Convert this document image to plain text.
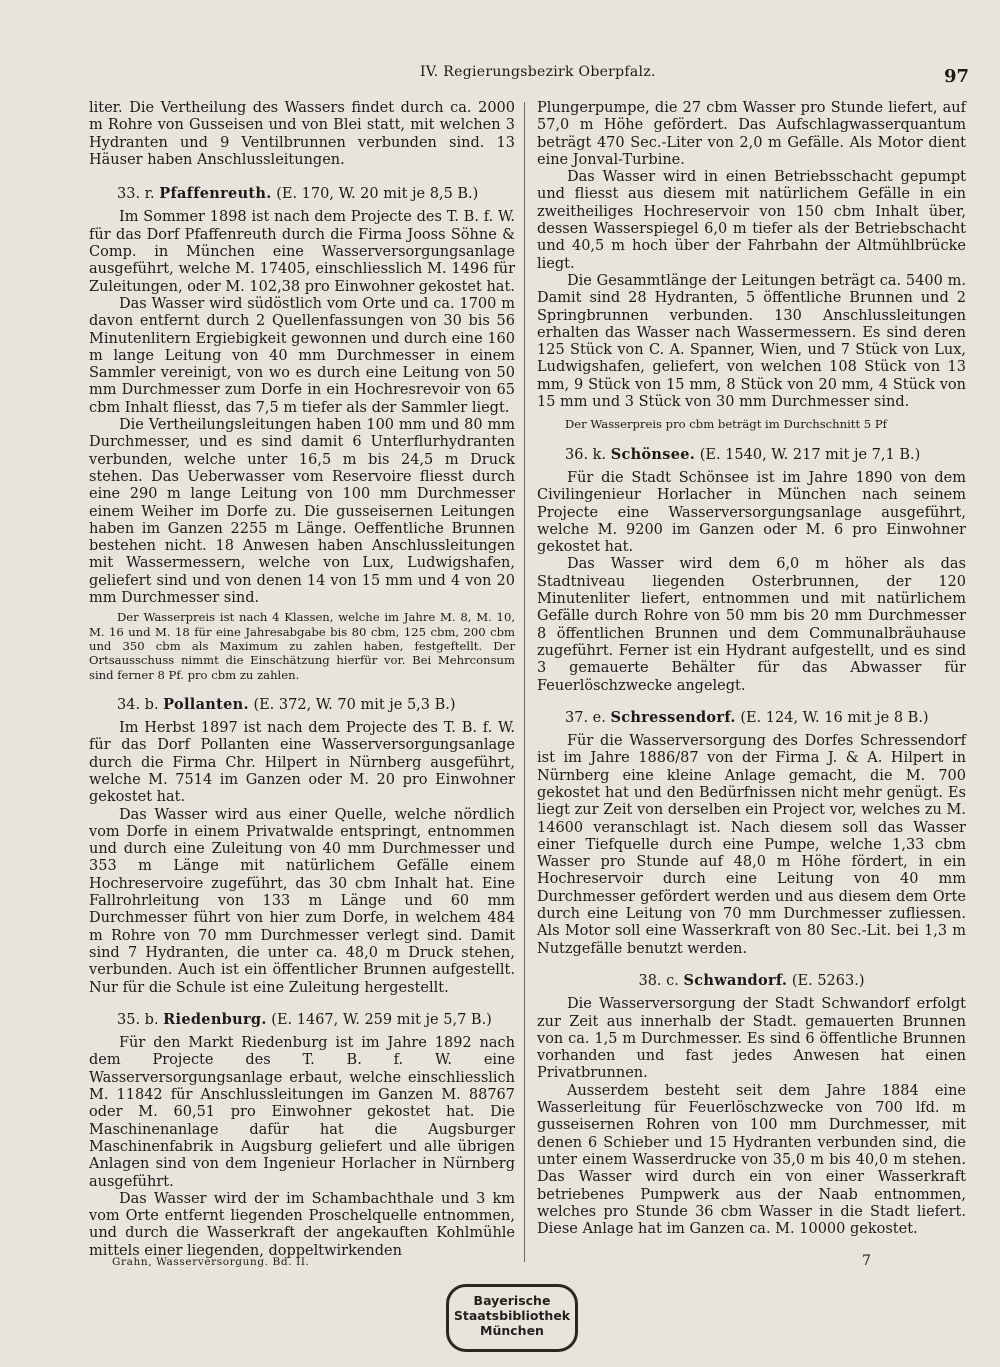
IV. Regierungsbezirk Oberpfalz.	97

liter. Die Vertheilung des Wassers findet durch ca. 2000 m Rohre von Gusseisen und von Blei statt, mit welchen 3 Hydranten und 9 Ventilbrunnen verbunden sind. 13 Häuser haben Anschlussleitungen.

33. r. Pfaffenreuth. (E. 170, W. 20 mit je 8,5 B.)

Im Sommer 1898 ist nach dem Projecte des T. B. f. W. für das Dorf Pfaffenreuth durch die Firma Jooss Söhne & Comp. in München eine Wasserversorgungsanlage ausgeführt, welche M. 17405, einschliesslich M. 1496 für Zuleitungen, oder M. 102,38 pro Einwohner gekostet hat.

Das Wasser wird südöstlich vom Orte und ca. 1700 m davon entfernt durch 2 Quellenfassungen von 30 bis 56 Minutenlitern Ergiebigkeit gewonnen und durch eine 160 m lange Leitung von 40 mm Durchmesser in einem Sammler vereinigt, von wo es durch eine Leitung von 50 mm Durchmesser zum Dorfe in ein Hochresrevoir von 65 cbm Inhalt fliesst, das 7,5 m tiefer als der Sammler liegt.

Die Vertheilungsleitungen haben 100 mm und 80 mm Durchmesser, und es sind damit 6 Unterflurhydranten verbunden, welche unter 16,5 m bis 24,5 m Druck stehen. Das Ueberwasser vom Reservoire fliesst durch eine 290 m lange Leitung von 100 mm Durchmesser einem Weiher im Dorfe zu. Die gusseisernen Leitungen haben im Ganzen 2255 m Länge. Oeffentliche Brunnen bestehen nicht. 18 Anwesen haben Anschlussleitungen mit Wassermessern, welche von Lux, Ludwigshafen, geliefert sind und von denen 14 von 15 mm und 4 von 20 mm Durchmesser sind.

Der Wasserpreis ist nach 4 Klassen, welche im Jahre M. 8, M. 10, M. 16 und M. 18 für eine Jahresabgabe bis 80 cbm, 125 cbm, 200 cbm und 350 cbm als Maximum zu zahlen haben, festgeftellt. Der Ortsausschuss nimmt die Einschätzung hierfür vor. Bei Mehrconsum sind ferner 8 Pf. pro cbm zu zahlen.

34. b. Pollanten. (E. 372, W. 70 mit je 5,3 B.)

Im Herbst 1897 ist nach dem Projecte des T. B. f. W. für das Dorf Pollanten eine Wasserversorgungsanlage durch die Firma Chr. Hilpert in Nürnberg ausgeführt, welche M. 7514 im Ganzen oder M. 20 pro Einwohner gekostet hat.

Das Wasser wird aus einer Quelle, welche nördlich vom Dorfe in einem Privatwalde entspringt, entnommen und durch eine Zuleitung von 40 mm Durchmesser und 353 m Länge mit natürlichem Gefälle einem Hochreservoire zugeführt, das 30 cbm Inhalt hat. Eine Fallrohrleitung von 133 m Länge und 60 mm Durchmesser führt von hier zum Dorfe, in welchem 484 m Rohre von 70 mm Durchmesser verlegt sind. Damit sind 7 Hydranten, die unter ca. 48,0 m Druck stehen, verbunden. Auch ist ein öffentlicher Brunnen aufgestellt. Nur für die Schule ist eine Zuleitung hergestellt.

35. b. Riedenburg. (E. 1467, W. 259 mit je 5,7 B.)

Für den Markt Riedenburg ist im Jahre 1892 nach dem Projecte des T. B. f. W. eine Wasserversorgungsanlage erbaut, welche einschliesslich M. 11842 für Anschlussleitungen im Ganzen M. 88767 oder M. 60,51 pro Einwohner gekostet hat. Die Maschinenanlage dafür hat die Augsburger Maschinenfabrik in Augsburg geliefert und alle übrigen Anlagen sind von dem Ingenieur Horlacher in Nürnberg ausgeführt.

Das Wasser wird der im Schambachthale und 3 km vom Orte entfernt liegenden Proschelquelle entnommen, und durch die Wasserkraft der angekauften Kohlmühle mittels einer liegenden, doppeltwirkenden

Plungerpumpe, die 27 cbm Wasser pro Stunde liefert, auf 57,0 m Höhe gefördert. Das Aufschlagwasserquantum beträgt 470 Sec.-Liter von 2,0 m Gefälle. Als Motor dient eine Jonval-Turbine.

Das Wasser wird in einen Betriebsschacht gepumpt und fliesst aus diesem mit natürlichem Gefälle in ein zweitheiliges Hochreservoir von 150 cbm Inhalt über, dessen Wasserspiegel 6,0 m tiefer als der Betriebschacht und 40,5 m hoch über der Fahrbahn der Altmühlbrücke liegt.

Die Gesammtlänge der Leitungen beträgt ca. 5400 m. Damit sind 28 Hydranten, 5 öffentliche Brunnen und 2 Springbrunnen verbunden. 130 Anschlussleitungen erhalten das Wasser nach Wassermessern. Es sind deren 125 Stück von C. A. Spanner, Wien, und 7 Stück von Lux, Ludwigshafen, geliefert, von welchen 108 Stück von 13 mm, 9 Stück von 15 mm, 8 Stück von 20 mm, 4 Stück von 15 mm und 3 Stück von 30 mm Durchmesser sind.

Der Wasserpreis pro cbm beträgt im Durchschnitt 5 Pf

36. k. Schönsee. (E. 1540, W. 217 mit je 7,1 B.)

Für die Stadt Schönsee ist im Jahre 1890 von dem Civilingenieur Horlacher in München nach seinem Projecte eine Wasserversorgungsanlage ausgeführt, welche M. 9200 im Ganzen oder M. 6 pro Einwohner gekostet hat.

Das Wasser wird dem 6,0 m höher als das Stadtniveau liegenden Osterbrunnen, der 120 Minutenliter liefert, entnommen und mit natürlichem Gefälle durch Rohre von 50 mm bis 20 mm Durchmesser 8 öffentlichen Brunnen und dem Communalbräuhause zugeführt. Ferner ist ein Hydrant aufgestellt, und es sind 3 gemauerte Behälter für das Abwasser für Feuerlöschzwecke angelegt.

37. e. Schressendorf. (E. 124, W. 16 mit je 8 B.)

Für die Wasserversorgung des Dorfes Schressendorf ist im Jahre 1886/87 von der Firma J. & A. Hilpert in Nürnberg eine kleine Anlage gemacht, die M. 700 gekostet hat und den Bedürfnissen nicht mehr genügt. Es liegt zur Zeit von derselben ein Project vor, welches zu M. 14600 veranschlagt ist. Nach diesem soll das Wasser einer Tiefquelle durch eine Pumpe, welche 1,33 cbm Wasser pro Stunde auf 48,0 m Höhe fördert, in ein Hochreservoir durch eine Leitung von 40 mm Durchmesser gefördert werden und aus diesem dem Orte durch eine Leitung von 70 mm Durchmesser zufliessen. Als Motor soll eine Wasserkraft von 80 Sec.-Lit. bei 1,3 m Nutzgefälle benutzt werden.

38. c. Schwandorf. (E. 5263.)

Die Wasserversorgung der Stadt Schwandorf erfolgt zur Zeit aus innerhalb der Stadt. gemauerten Brunnen von ca. 1,5 m Durchmesser. Es sind 6 öffentliche Brunnen vorhanden und fast jedes Anwesen hat einen Privatbrunnen.

Ausserdem besteht seit dem Jahre 1884 eine Wasserleitung für Feuerlöschzwecke von 700 lfd. m gusseisernen Rohren von 100 mm Durchmesser, mit denen 6 Schieber und 15 Hydranten verbunden sind, die unter einem Wasserdrucke von 35,0 m bis 40,0 m stehen. Das Wasser wird durch ein von einer Wasserkraft betriebenes Pumpwerk aus der Naab entnommen, welches pro Stunde 36 cbm Wasser in die Stadt liefert. Diese Anlage hat im Ganzen ca. M. 10000 gekostet.

Grahn, Wasserversorgung. Bd. II.	7
Bayerische
Staatsbibliothek
München
